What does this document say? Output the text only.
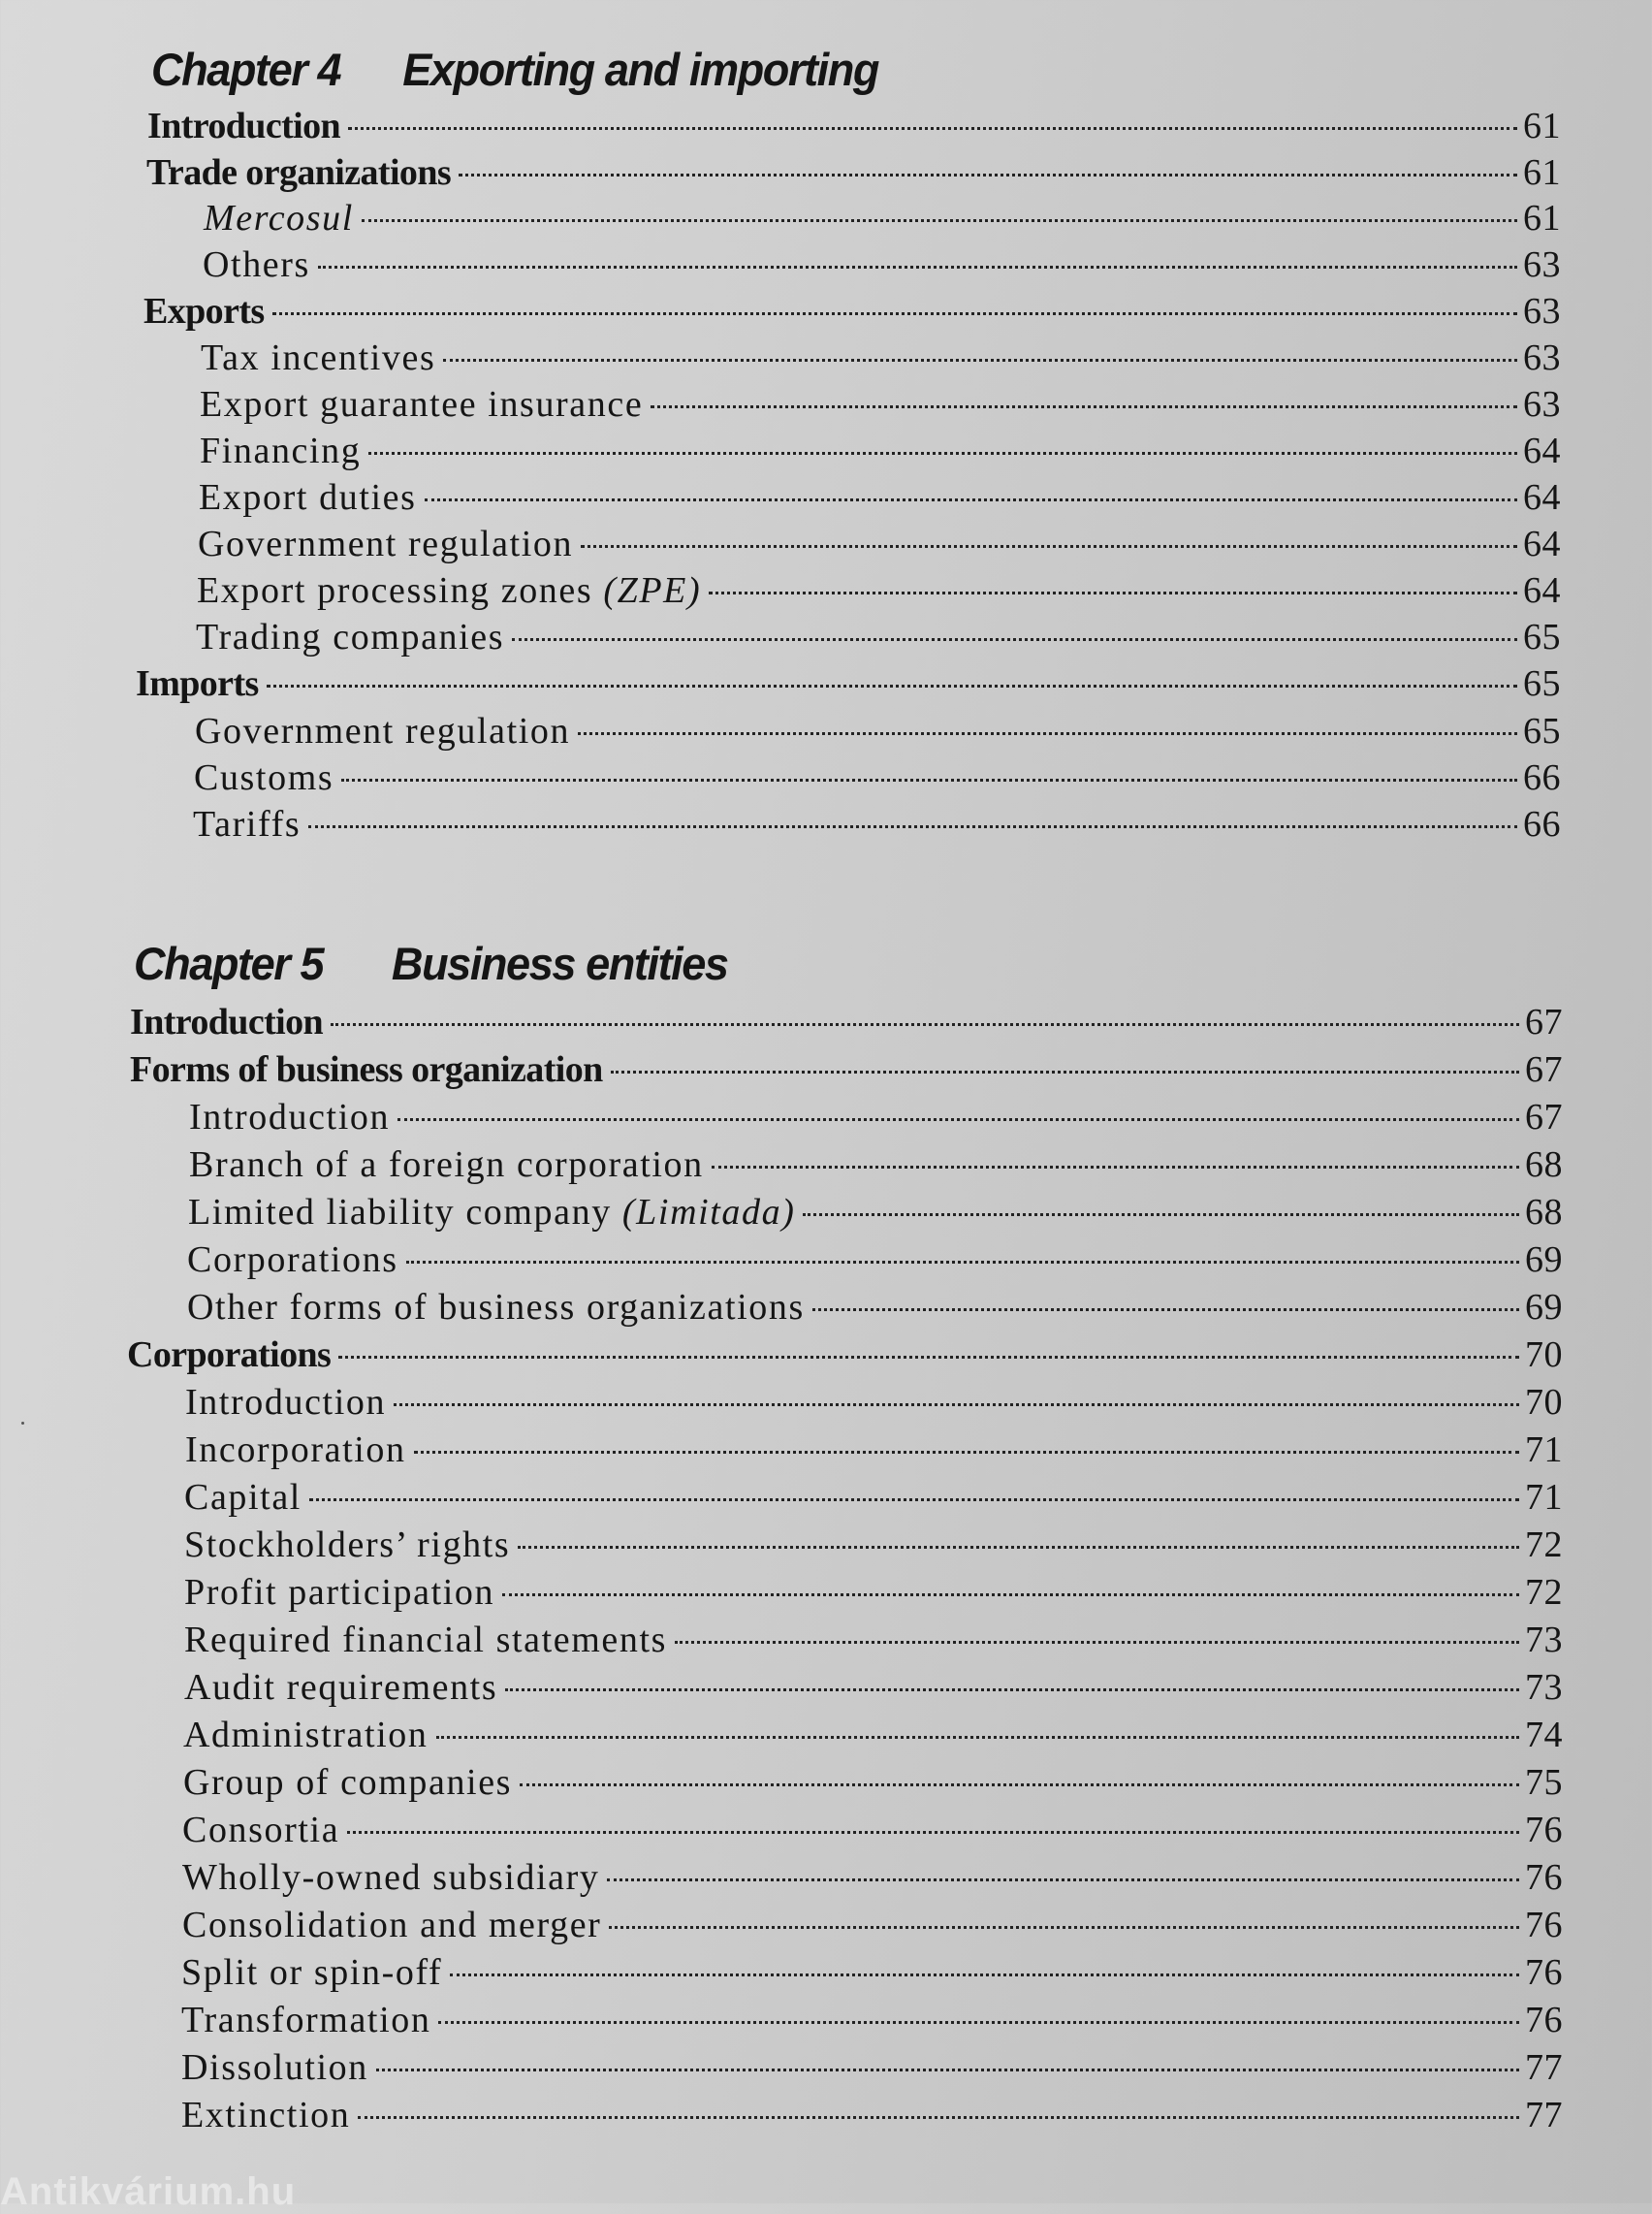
Chapter 4 Exporting and importing
Introduction	61
Trade organizations	61
Mercosul	61
Others	63
Exports	63
Tax incentives	63
Export guarantee insurance	63
Financing	64
Export duties	64
Government regulation	64
Export processing zones (ZPE)	64
Trading companies	65
Imports	65
Government regulation	65
Customs	66
Tariffs	66
Chapter 5 Business entities
Introduction	67
Forms of business organization	67
Introduction	67
Branch of a foreign corporation	68
Limited liability company (Limitada)	68
Corporations	69
Other forms of business organizations	69
Corporations	70
Introduction	70
Incorporation	71
Capital	71
Stockholders’ rights	72
Profit participation	72
Required financial statements	73
Audit requirements	73
Administration	74
Group of companies	75
Consortia	76
Wholly-owned subsidiary	76
Consolidation and merger	76
Split or spin-off	76
Transformation	76
Dissolution	77
Extinction	77
Antikvárium.hu
